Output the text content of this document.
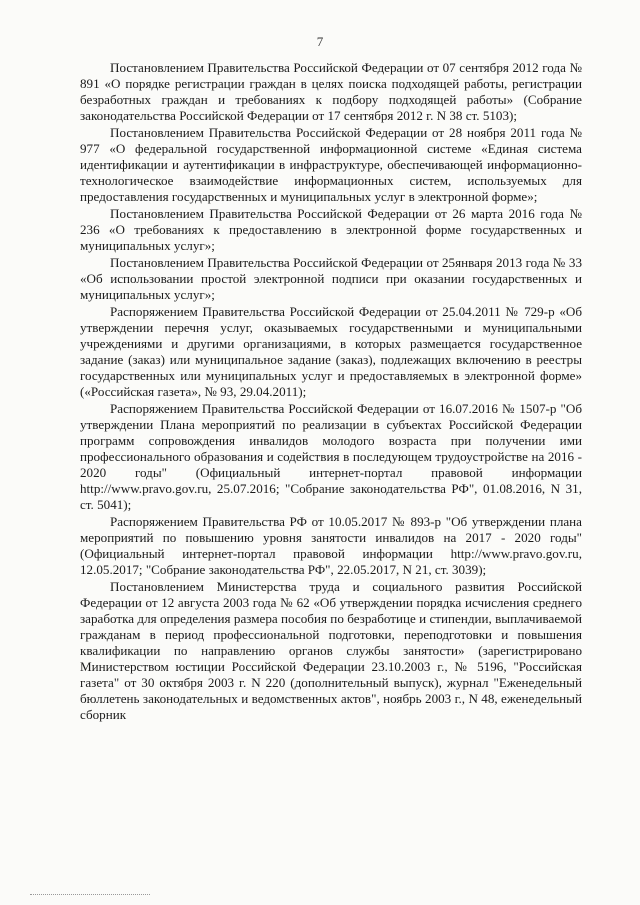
7

Постановлением Правительства Российской Федерации от 07 сентября 2012 года № 891 «О порядке регистрации граждан в целях поиска подходящей работы, регистрации безработных граждан и требованиях к подбору подходящей работы» (Собрание законодательства Российской Федерации от 17 сентября 2012 г. N 38 ст. 5103);

Постановлением Правительства Российской Федерации от 28 ноября 2011 года № 977 «О федеральной государственной информационной системе «Единая система идентификации и аутентификации в инфраструктуре, обеспечивающей информационно-технологическое взаимодействие информационных систем, используемых для предоставления государственных и муниципальных услуг в электронной форме»;

Постановлением Правительства Российской Федерации от 26 марта 2016 года № 236 «О требованиях к предоставлению в электронной форме государственных и муниципальных услуг»;

Постановлением Правительства Российской Федерации от 25января 2013 года № 33 «Об использовании простой электронной подписи при оказании государственных и муниципальных услуг»;

Распоряжением Правительства Российской Федерации от 25.04.2011 № 729-р «Об утверждении перечня услуг, оказываемых государственными и муниципальными учреждениями и другими организациями, в которых размещается государственное задание (заказ) или муниципальное задание (заказ), подлежащих включению в реестры государственных или муниципальных услуг и предоставляемых в электронной форме» («Российская газета», № 93, 29.04.2011);

Распоряжением Правительства Российской Федерации от 16.07.2016 № 1507-р "Об утверждении Плана мероприятий по реализации в субъектах Российской Федерации программ сопровождения инвалидов молодого возраста при получении ими профессионального образования и содействия в последующем трудоустройстве на 2016 - 2020 годы" (Официальный интернет-портал правовой информации http://www.pravo.gov.ru, 25.07.2016; "Собрание законодательства РФ", 01.08.2016, N 31, ст. 5041);

Распоряжением Правительства РФ от 10.05.2017 № 893-р "Об утверждении плана мероприятий по повышению уровня занятости инвалидов на 2017 - 2020 годы" (Официальный интернет-портал правовой информации http://www.pravo.gov.ru, 12.05.2017; "Собрание законодательства РФ", 22.05.2017, N 21, ст. 3039);

Постановлением Министерства труда и социального развития Российской Федерации от 12 августа 2003 года № 62 «Об утверждении порядка исчисления среднего заработка для определения размера пособия по безработице и стипендии, выплачиваемой гражданам в период профессиональной подготовки, переподготовки и повышения квалификации по направлению органов службы занятости» (зарегистрировано Министерством юстиции Российской Федерации 23.10.2003 г., № 5196, "Российская газета" от 30 октября 2003 г. N 220 (дополнительный выпуск), журнал "Еженедельный бюллетень законодательных и ведомственных актов", ноябрь 2003 г., N 48, еженедельный сборник
